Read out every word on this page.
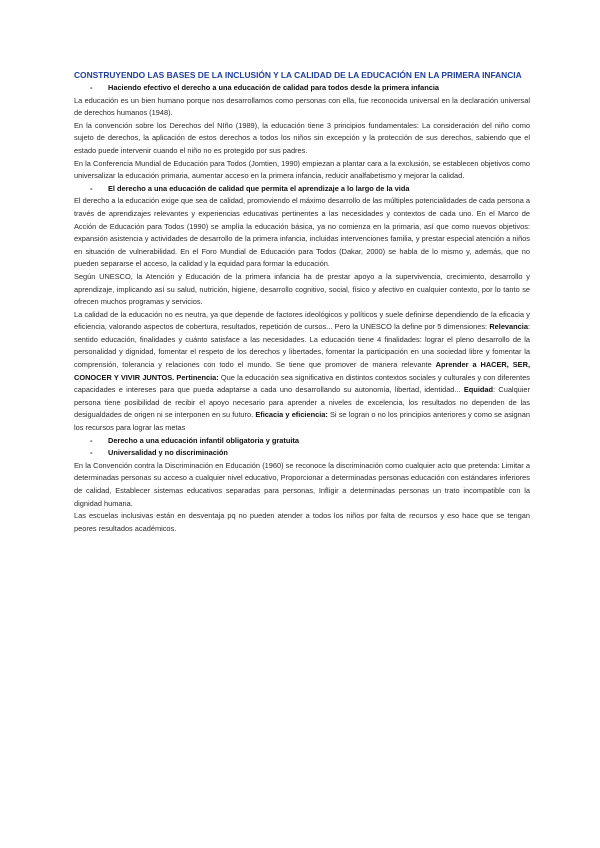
CONSTRUYENDO LAS BASES DE LA INCLUSIÓN Y LA CALIDAD DE LA EDUCACIÓN EN LA PRIMERA INFANCIA
-	Haciendo efectivo el derecho a una educación de calidad para todos desde la primera infancia

La educación es un bien humano porque nos desarrollamos como personas con ella, fue reconocida universal en la declaración universal de derechos humanos (1948).

En la convención sobre los Derechos del NIño (1989), la educación tiene 3 principios fundamentales: La consideración del niño como sujeto de derechos, la aplicación de estos derechos a todos los niños sin excepción y la protección de sus derechos, sabiendo que el estado puede intervenir cuando el niño no es protegido por sus padres.

En la Conferencia Mundial de Educación para Todos (Jomtien, 1990) empiezan a plantar cara a la exclusión, se establecen objetivos como universalizar la educación primaria, aumentar acceso en la primera infancia, reducir analfabetismo y mejorar la calidad.

-	El derecho a una educación de calidad que permita el aprendizaje a lo largo de la vida

El derecho a la educación exige que sea de calidad, promoviendo el máximo desarrollo de las múltiples potencialidades de cada persona a través de aprendizajes relevantes y experiencias educativas pertinentes a las necesidades y contextos de cada uno. En el Marco de Acción de Educación para Todos (1990) se amplía la educación básica, ya no comienza en la primaria, así que como nuevos objetivos: expansión asistencia y actividades de desarrollo de la primera infancia, incluidas intervenciones familia, y prestar especial atención a niños en situación de vulnerabilidad. En el Foro Mundial de Educación para Todos (Dakar, 2000) se habla de lo mismo y, además, que no pueden separarse el acceso, la calidad y la equidad para formar la educación.

Según UNESCO, la Atención y Educación de la primera infancia ha de prestar apoyo a la supervivencia, crecimiento, desarrollo y aprendizaje, implicando así su salud, nutrición, higiene, desarrollo cognitivo, social, físico y afectivo en cualquier contexto, por lo tanto se ofrecen muchos programas y servicios.

La calidad de la educación no es neutra, ya que depende de factores ideológicos y políticos y suele definirse dependiendo de la eficacia y eficiencia, valorando aspectos de cobertura, resultados, repetición de cursos... Pero la UNESCO la define por 5 dimensiones: Relevancia: sentido educación, finalidades y cuánto satisface a las necesidades. La educación tiene 4 finalidades: lograr el pleno desarrollo de la personalidad y dignidad, fomentar el respeto de los derechos y libertades, fomentar la participación en una sociedad libre y fomentar la comprensión, tolerancia y relaciones con todo el mundo. Se tiene que promover de manera relevante Aprender a HACER, SER, CONOCER Y VIVIR JUNTOS. Pertinencia: Que la educación sea significativa en distintos contextos sociales y culturales y con diferentes capacidades e intereses para que pueda adaptarse a cada uno desarrollando su autonomía, libertad, identidad... Equidad: Cualquier persona tiene posibilidad de recibir el apoyo necesario para aprender a niveles de excelencia, los resultados no dependen de las desigualdades de origen ni se interponen en su futuro. Eficacia y eficiencia: Si se logran o no los principios anteriores y como se asignan los recursos para lograr las metas

-	Derecho a una educación infantil obligatoria y gratuita
-	Universalidad y no discriminación

En la Convención contra la Discriminación en Educación (1960) se reconoce la discriminación como cualquier acto que pretenda: Limitar a determinadas personas su acceso a cualquier nivel educativo, Proporcionar a determinadas personas educación con estándares inferiores de calidad, Establecer sistemas educativos separadas para personas, Infligir a determinadas personas un trato incompatible con la dignidad humana.

Las escuelas inclusivas están en desventaja pq no pueden atender a todos los niños por falta de recursos y eso hace que se tengan peores resultados académicos.
